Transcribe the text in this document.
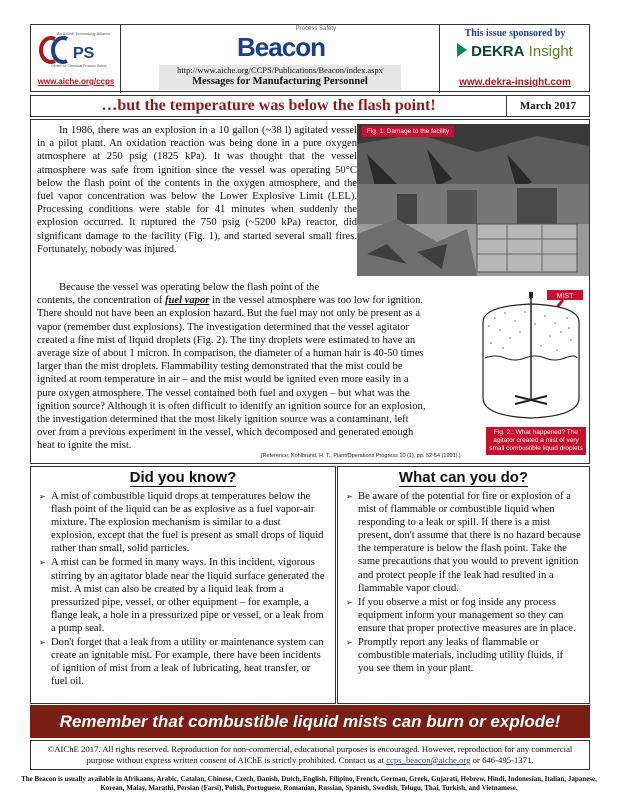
An AIChE Technology Alliance
PS
Center for Chemical Process Safety
www.aiche.org/ccps
Process Safety
Beacon
http://www.aiche.org/CCPS/Publications/Beacon/index.aspx
Messages for Manufacturing Personnel
This issue sponsored by
DEKRA Insight
www.dekra-insight.com
…but the temperature was below the flash point!	March 2017
In 1986, there was an explosion in a 10 gallon (~38 l) agitated vessel in a pilot plant. An oxidation reaction was being done in a pure oxygen atmosphere at 250 psig (1825 kPa). It was thought that the vessel atmosphere was safe from ignition since the vessel was operating 50°C below the flash point of the contents in the oxygen atmosphere, and the fuel vapor concentration was below the Lower Explosive Limit (LEL). Processing conditions were stable for 41 minutes when suddenly the explosion occurred. It ruptured the 750 psig (~5200 kPa) reactor, did significant damage to the facility (Fig. 1), and started several small fires. Fortunately, nobody was injured.
Fig. 1: Damage to the facility
Because the vessel was operating below the flash point of the
contents, the concentration of fuel vapor in the vessel atmosphere was too low for ignition.
There should not have been an explosion hazard. But the fuel may not only be present as a
vapor (remember dust explosions). The investigation determined that the vessel agitator
created a fine mist of liquid droplets (Fig. 2). The tiny droplets were estimated to have an
average size of about 1 micron. In comparison, the diameter of a human hair is 40-50 times
larger than the mist droplets. Flammability testing demonstrated that the mist could be
ignited at room temperature in air – and the mist would be ignited even more easily in a
pure oxygen atmosphere. The vessel contained both fuel and oxygen – but what was the
ignition source? Although it is often difficult to identify an ignition source for an explosion,
the investigation determined that the most likely ignition source was a contaminant, left
over from a previous experiment in the vessel, which decomposed and generated enough
heat to ignite the mist.
MIST
Fig. 2.: What happened? The agitator created a mist of very small combustible liquid droplets
[Reference: Kohlbrand, H. T., Plant/Operations Progress 10 (1), pp. 52-54 (1991).]
Did you know?
➢ A mist of combustible liquid drops at temperatures below the flash point of the liquid can be as explosive as a fuel vapor-air mixture. The explosion mechanism is similar to a dust explosion, except that the fuel is present as small drops of liquid rather than small, solid particles.
➢ A mist can be formed in many ways. In this incident, vigorous stirring by an agitator blade near the liquid surface generated the mist. A mist can also be created by a liquid leak from a pressurized pipe, vessel, or other equipment – for example, a flange leak, a hole in a pressurized pipe or vessel, or a leak from a pump seal.
➢ Don't forget that a leak from a utility or maintenance system can create an ignitable mist. For example, there have been incidents of ignition of mist from a leak of lubricating, heat transfer, or fuel oil.
What can you do?
➢ Be aware of the potential for fire or explosion of a mist of flammable or combustible liquid when responding to a leak or spill. If there is a mist present, don't assume that there is no hazard because the temperature is below the flash point. Take the same precautions that you would to prevent ignition and protect people if the leak had resulted in a flammable vapor cloud.
➢ If you observe a mist or fog inside any process equipment inform your management so they can ensure that proper protective measures are in place.
➢ Promptly report any leaks of flammable or combustible materials, including utility fluids, if you see them in your plant.
Remember that combustible liquid mists can burn or explode!
©AIChE 2017. All rights reserved. Reproduction for non-commercial, educational purposes is encouraged. However, reproduction for any commercial purpose without express written consent of AIChE is strictly prohibited. Contact us at ccps_beacon@aiche.org or 646-495-1371.
The Beacon is usually available in Afrikaans, Arabic, Catalan, Chinese, Czech, Danish, Dutch, English, Filipino, French, German, Greek, Gujarati, Hebrew, Hindi, Indonesian, Italian, Japanese, Korean, Malay, Marathi, Persian (Farsi), Polish, Portuguese, Romanian, Russian, Spanish, Swedish, Telugu, Thai, Turkish, and Vietnamese.
